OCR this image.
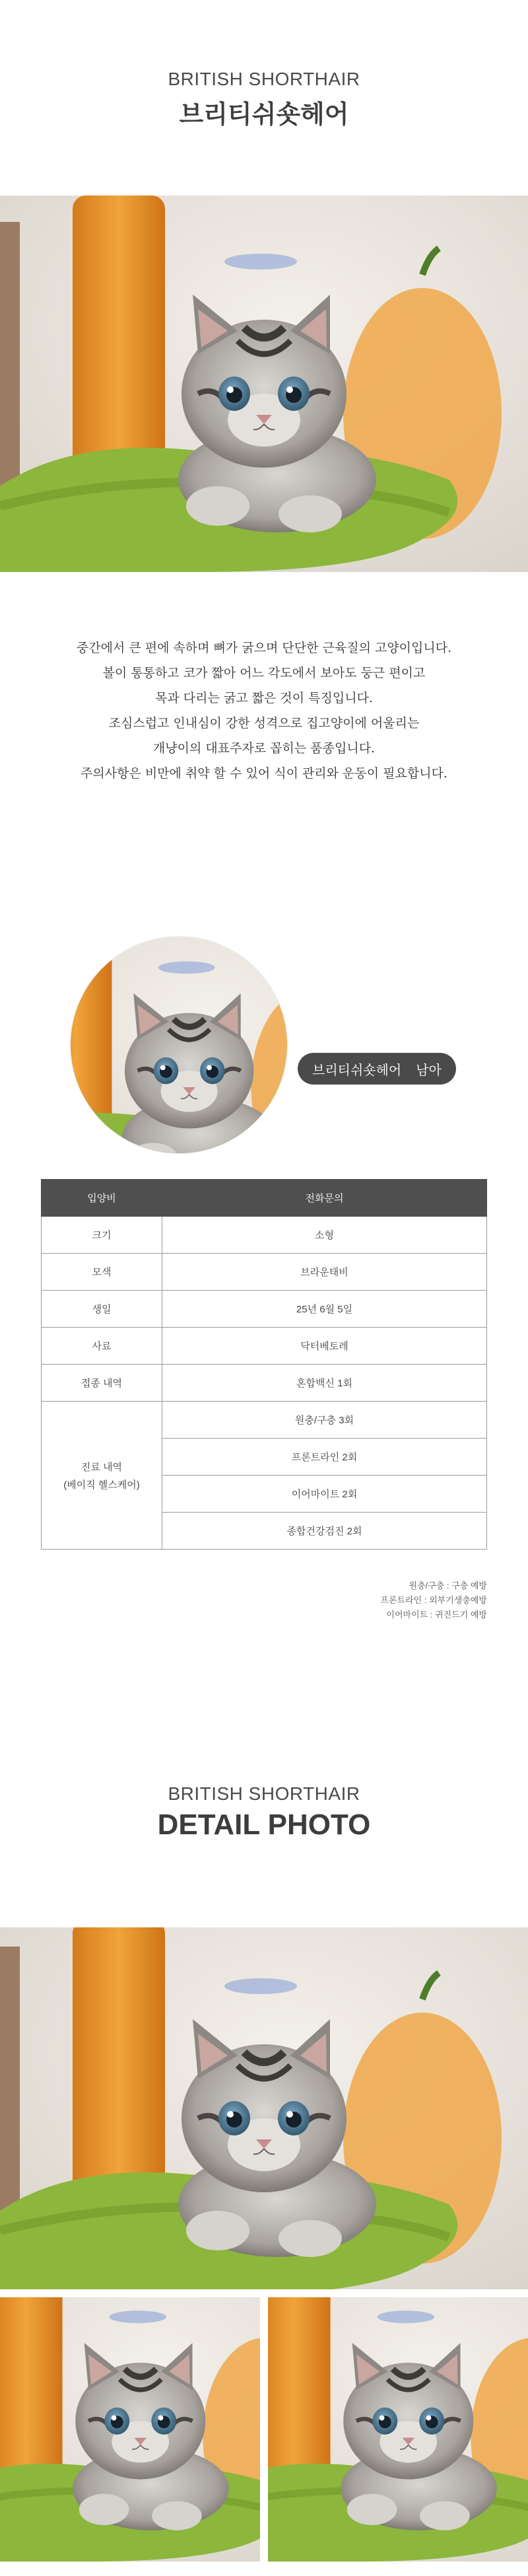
BRITISH SHORTHAIR
브리티쉬숏헤어

중간에서 큰 편에 속하며 뼈가 굵으며 단단한 근육질의 고양이입니다.

볼이 통통하고 코가 짧아 어느 각도에서 보아도 둥근 편이고

목과 다리는 굵고 짧은 것이 특징입니다.

조심스럽고 인내심이 강한 성격으로 집고양이에 어울리는

개냥이의 대표주자로 꼽히는 품종입니다.

주의사항은 비만에 취약 할 수 있어 식이 관리와 운동이 필요합니다.

브리티쉬숏헤어 남아
입양비	전화문의
크기	소형
모색	브라운태비
생일	25년 6월 5일
사료	닥터베토레
접종 내역	혼합백신 1회
진료 내역
(베이직 헬스케어)	원충/구충 3회
	프론트라인 2회
	이어마이트 2회
	종합건강검진 2회
원충/구충 : 구충 예방
프론트라인 : 외부기생충예방
이어마이트 : 귀진드기 예방
BRITISH SHORTHAIR
DETAIL PHOTO
